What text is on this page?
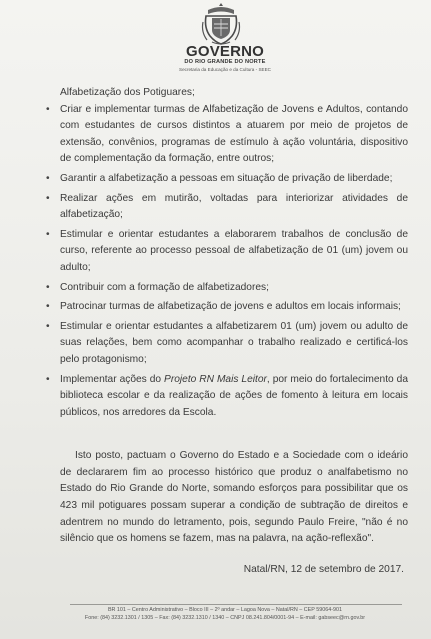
GOVERNO
DO RIO GRANDE DO NORTE
Secretaria da Educação e da Cultura - SEEC

Alfabetização dos Potiguares;

• Criar e implementar turmas de Alfabetização de Jovens e Adultos, contando com estudantes de cursos distintos a atuarem por meio de projetos de extensão, convênios, programas de estímulo à ação voluntária, dispositivo de complementação da formação, entre outros;
• Garantir a alfabetização a pessoas em situação de privação de liberdade;
• Realizar ações em mutirão, voltadas para interiorizar atividades de alfabetização;
• Estimular e orientar estudantes a elaborarem trabalhos de conclusão de curso, referente ao processo pessoal de alfabetização de 01 (um) jovem ou adulto;
• Contribuir com a formação de alfabetizadores;
• Patrocinar turmas de alfabetização de jovens e adultos em locais informais;
• Estimular e orientar estudantes a alfabetizarem 01 (um) jovem ou adulto de suas relações, bem como acompanhar o trabalho realizado e certificá-los pelo protagonismo;
• Implementar ações do Projeto RN Mais Leitor, por meio do fortalecimento da biblioteca escolar e da realização de ações de fomento à leitura em locais públicos, nos arredores da Escola.

Isto posto, pactuam o Governo do Estado e a Sociedade com o ideário de declararem fim ao processo histórico que produz o analfabetismo no Estado do Rio Grande do Norte, somando esforços para possibilitar que os 423 mil potiguares possam superar a condição de subtração de direitos e adentrem no mundo do letramento, pois, segundo Paulo Freire, "não é no silêncio que os homens se fazem, mas na palavra, na ação-reflexão".

Natal/RN, 12 de setembro de 2017.

BR 101 – Centro Administrativo – Bloco III – 2º andar – Lagoa Nova – Natal/RN – CEP 59064-901
Fone: (84) 3232.1301 / 1305 – Fax: (84) 3232.1310 / 1340 – CNPJ 08.241.804/0001-94 – E-mail: gabseec@rn.gov.br
